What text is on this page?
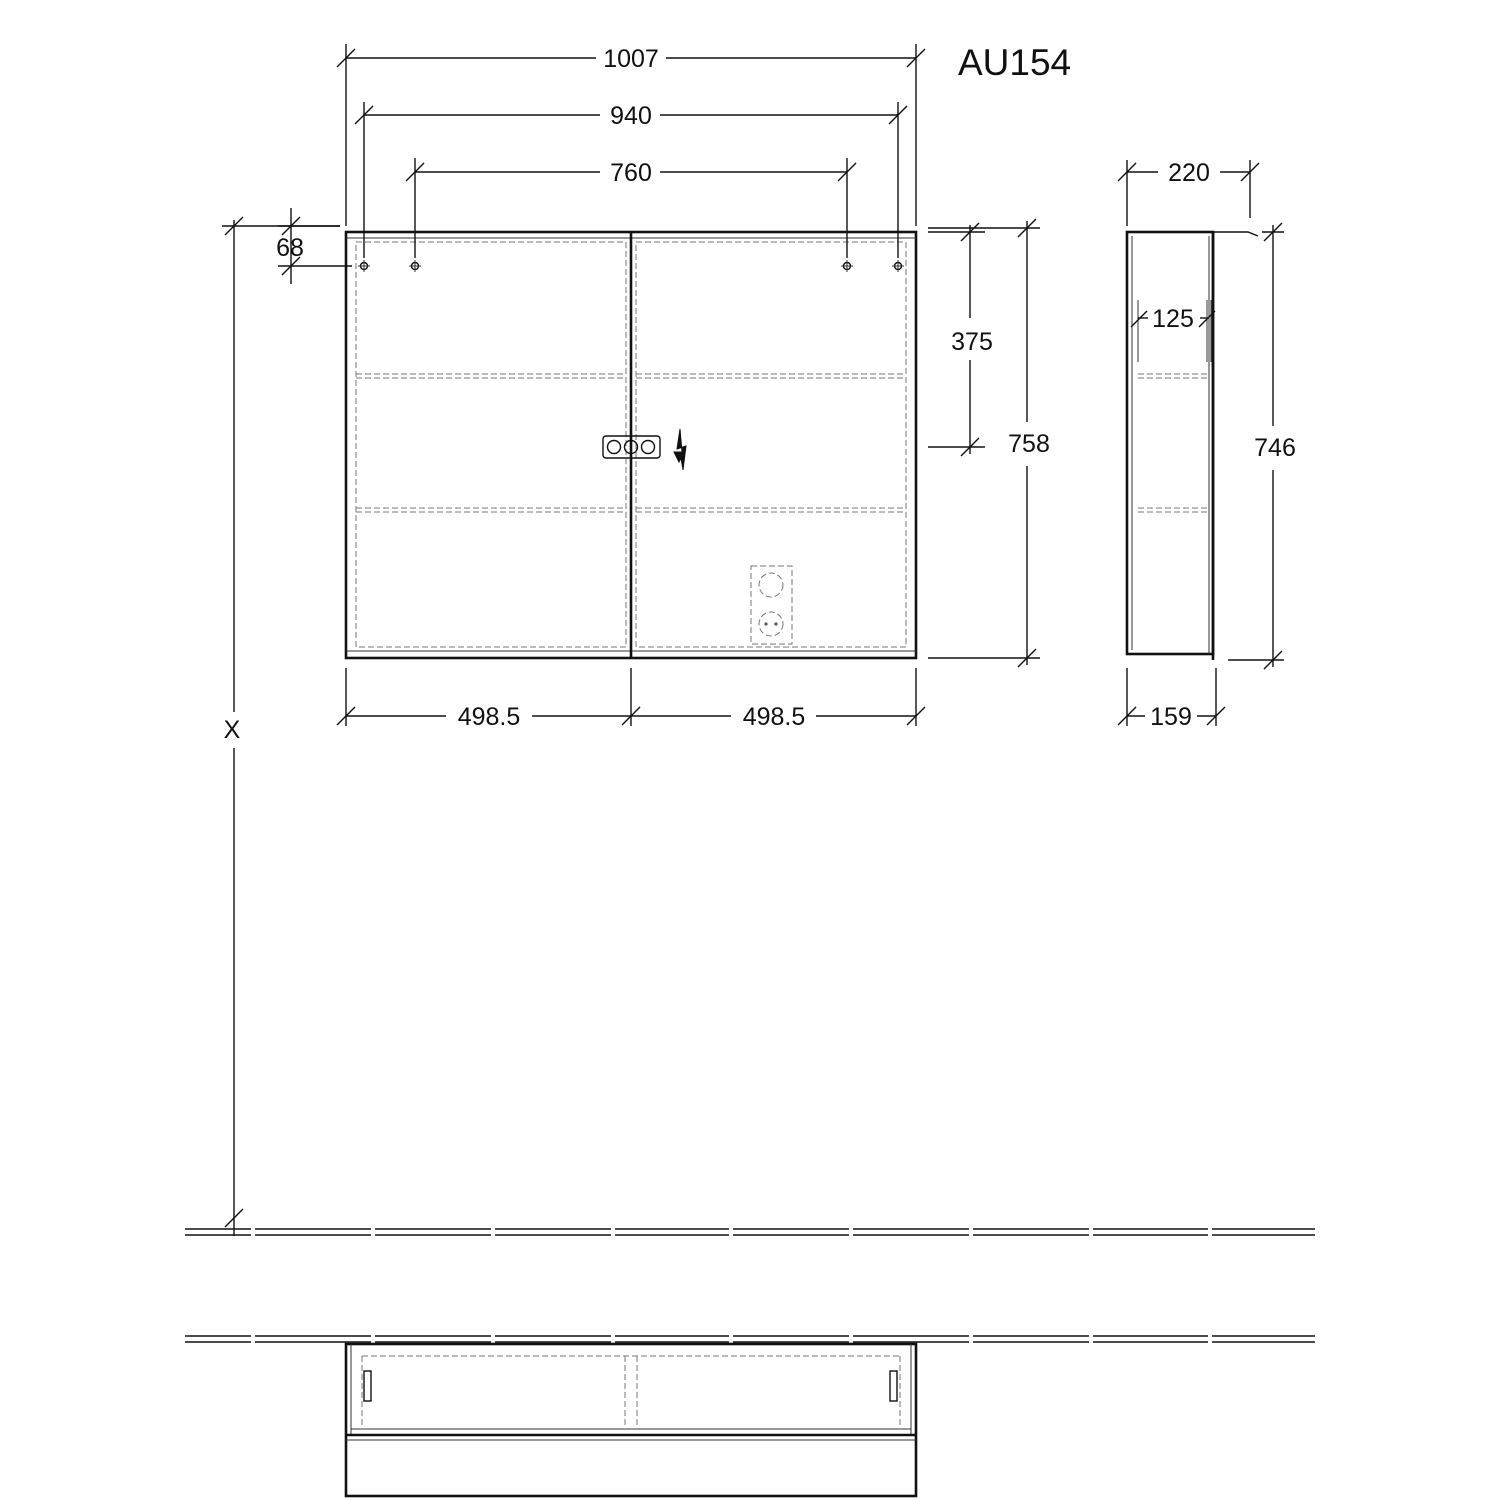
AU154
1007
940
760
68
375
758
498.5	498.5
X
220
125
746
159
